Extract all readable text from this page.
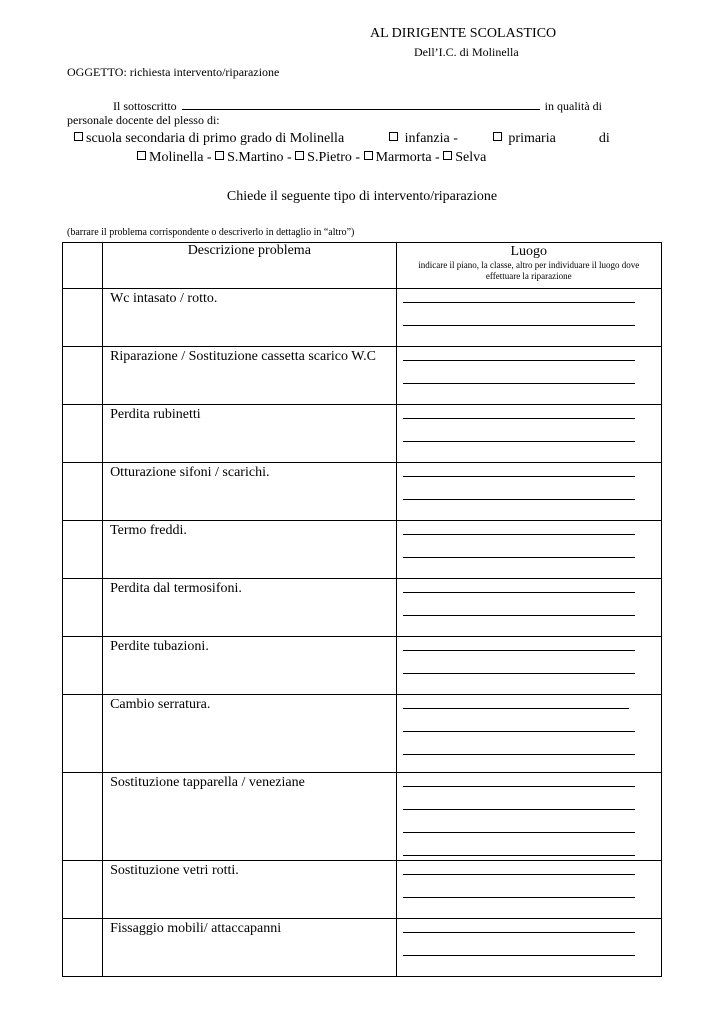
AL DIRIGENTE SCOLASTICO
Dell’I.C. di Molinella
OGGETTO: richiesta intervento/riparazione
Il sottoscritto	in qualità di
personale docente del plesso di:
scuola secondaria di primo grado di Molinella	infanzia -	primaria	di
Molinella - S.Martino - S.Pietro - Marmorta - Selva
Chiede il seguente tipo di intervento/riparazione
(barrare il problema corrispondente o descriverlo in dettaglio in “altro”)
	Descrizione problema	Luogo
indicare il piano, la classe, altro per individuare il luogo dove effettuare la riparazione

	Wc intasato / rotto.	

	Riparazione / Sostituzione cassetta scarico W.C	

	Perdita rubinetti	

	Otturazione sifoni / scarichi.	

	Termo freddi.	

	Perdita dal termosifoni.	

	Perdite tubazioni.	

	Cambio serratura.	

	Sostituzione tapparella / veneziane	

	Sostituzione vetri rotti.	

	Fissaggio mobili/ attaccapanni	
